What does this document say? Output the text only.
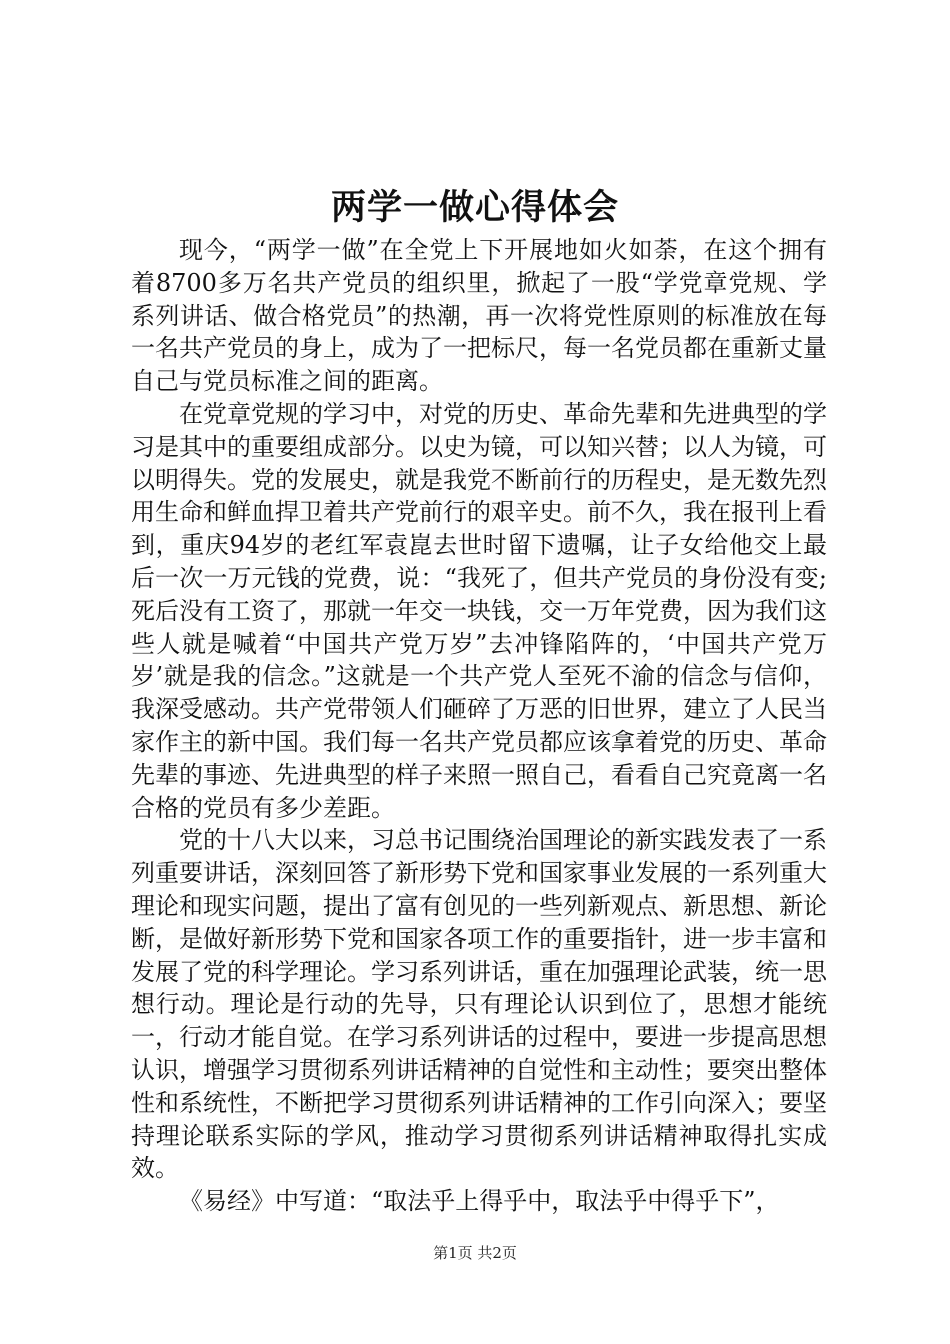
两学一做心得体会

现今，“两学一做”在全党上下开展地如火如荼，在这个拥有着8700多万名共产党员的组织里，掀起了一股“学党章党规、学系列讲话、做合格党员”的热潮，再一次将党性原则的标准放在每一名共产党员的身上，成为了一把标尺，每一名党员都在重新丈量自己与党员标准之间的距离。

在党章党规的学习中，对党的历史、革命先辈和先进典型的学习是其中的重要组成部分。以史为镜，可以知兴替；以人为镜，可以明得失。党的发展史，就是我党不断前行的历程史，是无数先烈用生命和鲜血捍卫着共产党前行的艰辛史。前不久，我在报刊上看到，重庆94岁的老红军袁崑去世时留下遗嘱，让子女给他交上最后一次一万元钱的党费，说：“我死了，但共产党员的身份没有变;死后没有工资了，那就一年交一块钱，交一万年党费，因为我们这些人就是喊着“中国共产党万岁”去冲锋陷阵的，‘中国共产党万岁’就是我的信念。”这就是一个共产党人至死不渝的信念与信仰，我深受感动。共产党带领人们砸碎了万恶的旧世界，建立了人民当家作主的新中国。我们每一名共产党员都应该拿着党的历史、革命先辈的事迹、先进典型的样子来照一照自己，看看自己究竟离一名合格的党员有多少差距。

党的十八大以来，习总书记围绕治国理论的新实践发表了一系列重要讲话，深刻回答了新形势下党和国家事业发展的一系列重大理论和现实问题，提出了富有创见的一些列新观点、新思想、新论断，是做好新形势下党和国家各项工作的重要指针，进一步丰富和发展了党的科学理论。学习系列讲话，重在加强理论武装，统一思想行动。理论是行动的先导，只有理论认识到位了，思想才能统一，行动才能自觉。在学习系列讲话的过程中，要进一步提高思想认识，增强学习贯彻系列讲话精神的自觉性和主动性；要突出整体性和系统性，不断把学习贯彻系列讲话精神的工作引向深入；要坚持理论联系实际的学风，推动学习贯彻系列讲话精神取得扎实成效。

《易经》中写道：“取法乎上得乎中，取法乎中得乎下”，

第1页 共2页
